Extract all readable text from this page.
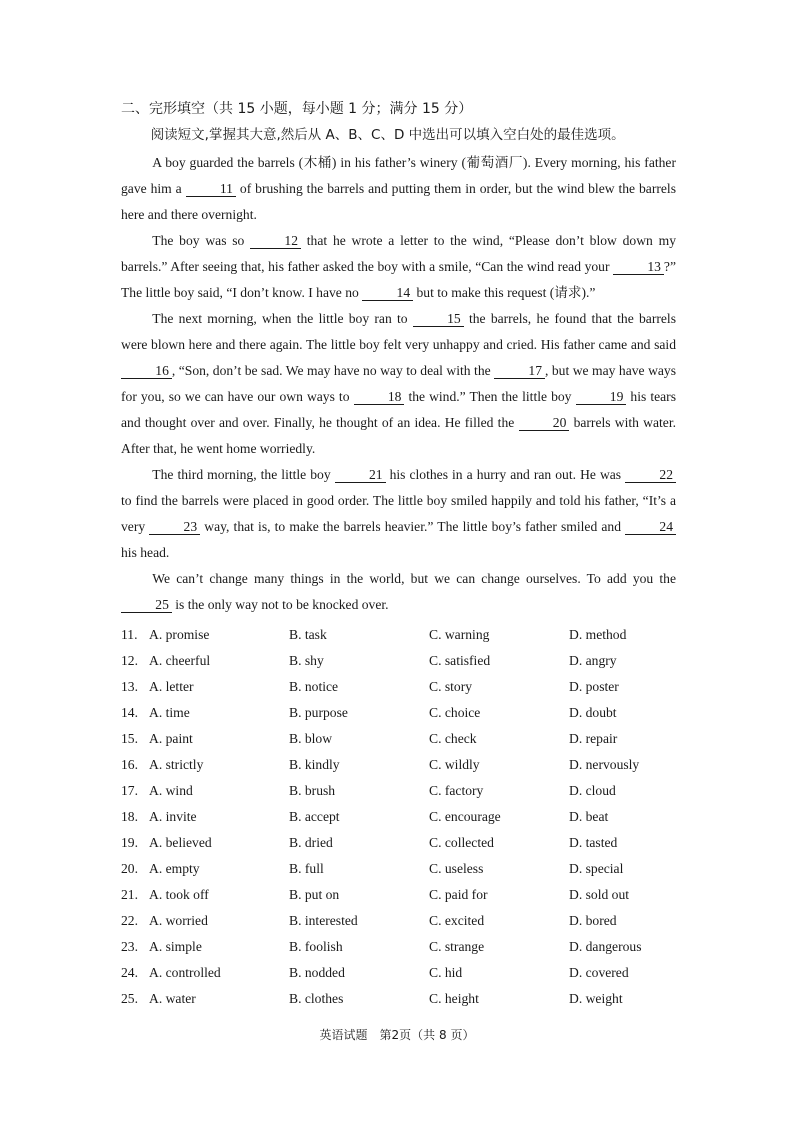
二、完形填空（共 15 小题，每小题 1 分；满分 15 分）

阅读短文,掌握其大意,然后从 A、B、C、D 中选出可以填入空白处的最佳选项。

A boy guarded the barrels (木桶) in his father’s winery (葡萄酒厂). Every morning, his father gave him a	11 of brushing the barrels and putting them in order, but the wind blew the barrels here and there overnight.

The boy was so	12 that he wrote a letter to the wind, “Please don’t blow down my barrels.” After seeing that, his father asked the boy with a smile, “Can the wind read your	13 ?” The little boy said, “I don’t know. I have no	14 but to make this request (请求).”

The next morning, when the little boy ran to	15 the barrels, he found that the barrels were blown here and there again. The little boy felt very unhappy and cried. His father came and said 16 , “Son, don’t be sad. We may have no way to deal with the	17 , but we may have ways for you, so we can have our own ways to	18 the wind.” Then the little boy	19 his tears and thought over and over. Finally, he thought of an idea. He filled the	20 barrels with water. After that, he went home worriedly.

The third morning, the little boy	21 his clothes in a hurry and ran out. He was	22 to find the barrels were placed in good order. The little boy smiled happily and told his father, “It’s a very	23 way, that is, to make the barrels heavier.” The little boy’s father smiled and	24 his head.

We can’t change many things in the world, but we can change ourselves. To add you the 25 is the only way not to be knocked over.

11. A. promise	B. task	C. warning	D. method
12. A. cheerful	B. shy	C. satisfied	D. angry
13. A. letter	B. notice	C. story	D. poster
14. A. time	B. purpose	C. choice	D. doubt
15. A. paint	B. blow	C. check	D. repair
16. A. strictly	B. kindly	C. wildly	D. nervously
17. A. wind	B. brush	C. factory	D. cloud
18. A. invite	B. accept	C. encourage	D. beat
19. A. believed	B. dried	C. collected	D. tasted
20. A. empty	B. full	C. useless	D. special
21. A. took off	B. put on	C. paid for	D. sold out
22. A. worried	B. interested	C. excited	D. bored
23. A. simple	B. foolish	C. strange	D. dangerous
24. A. controlled	B. nodded	C. hid	D. covered
25. A. water	B. clothes	C. height	D. weight
英语试题　第2页（共 8 页）
